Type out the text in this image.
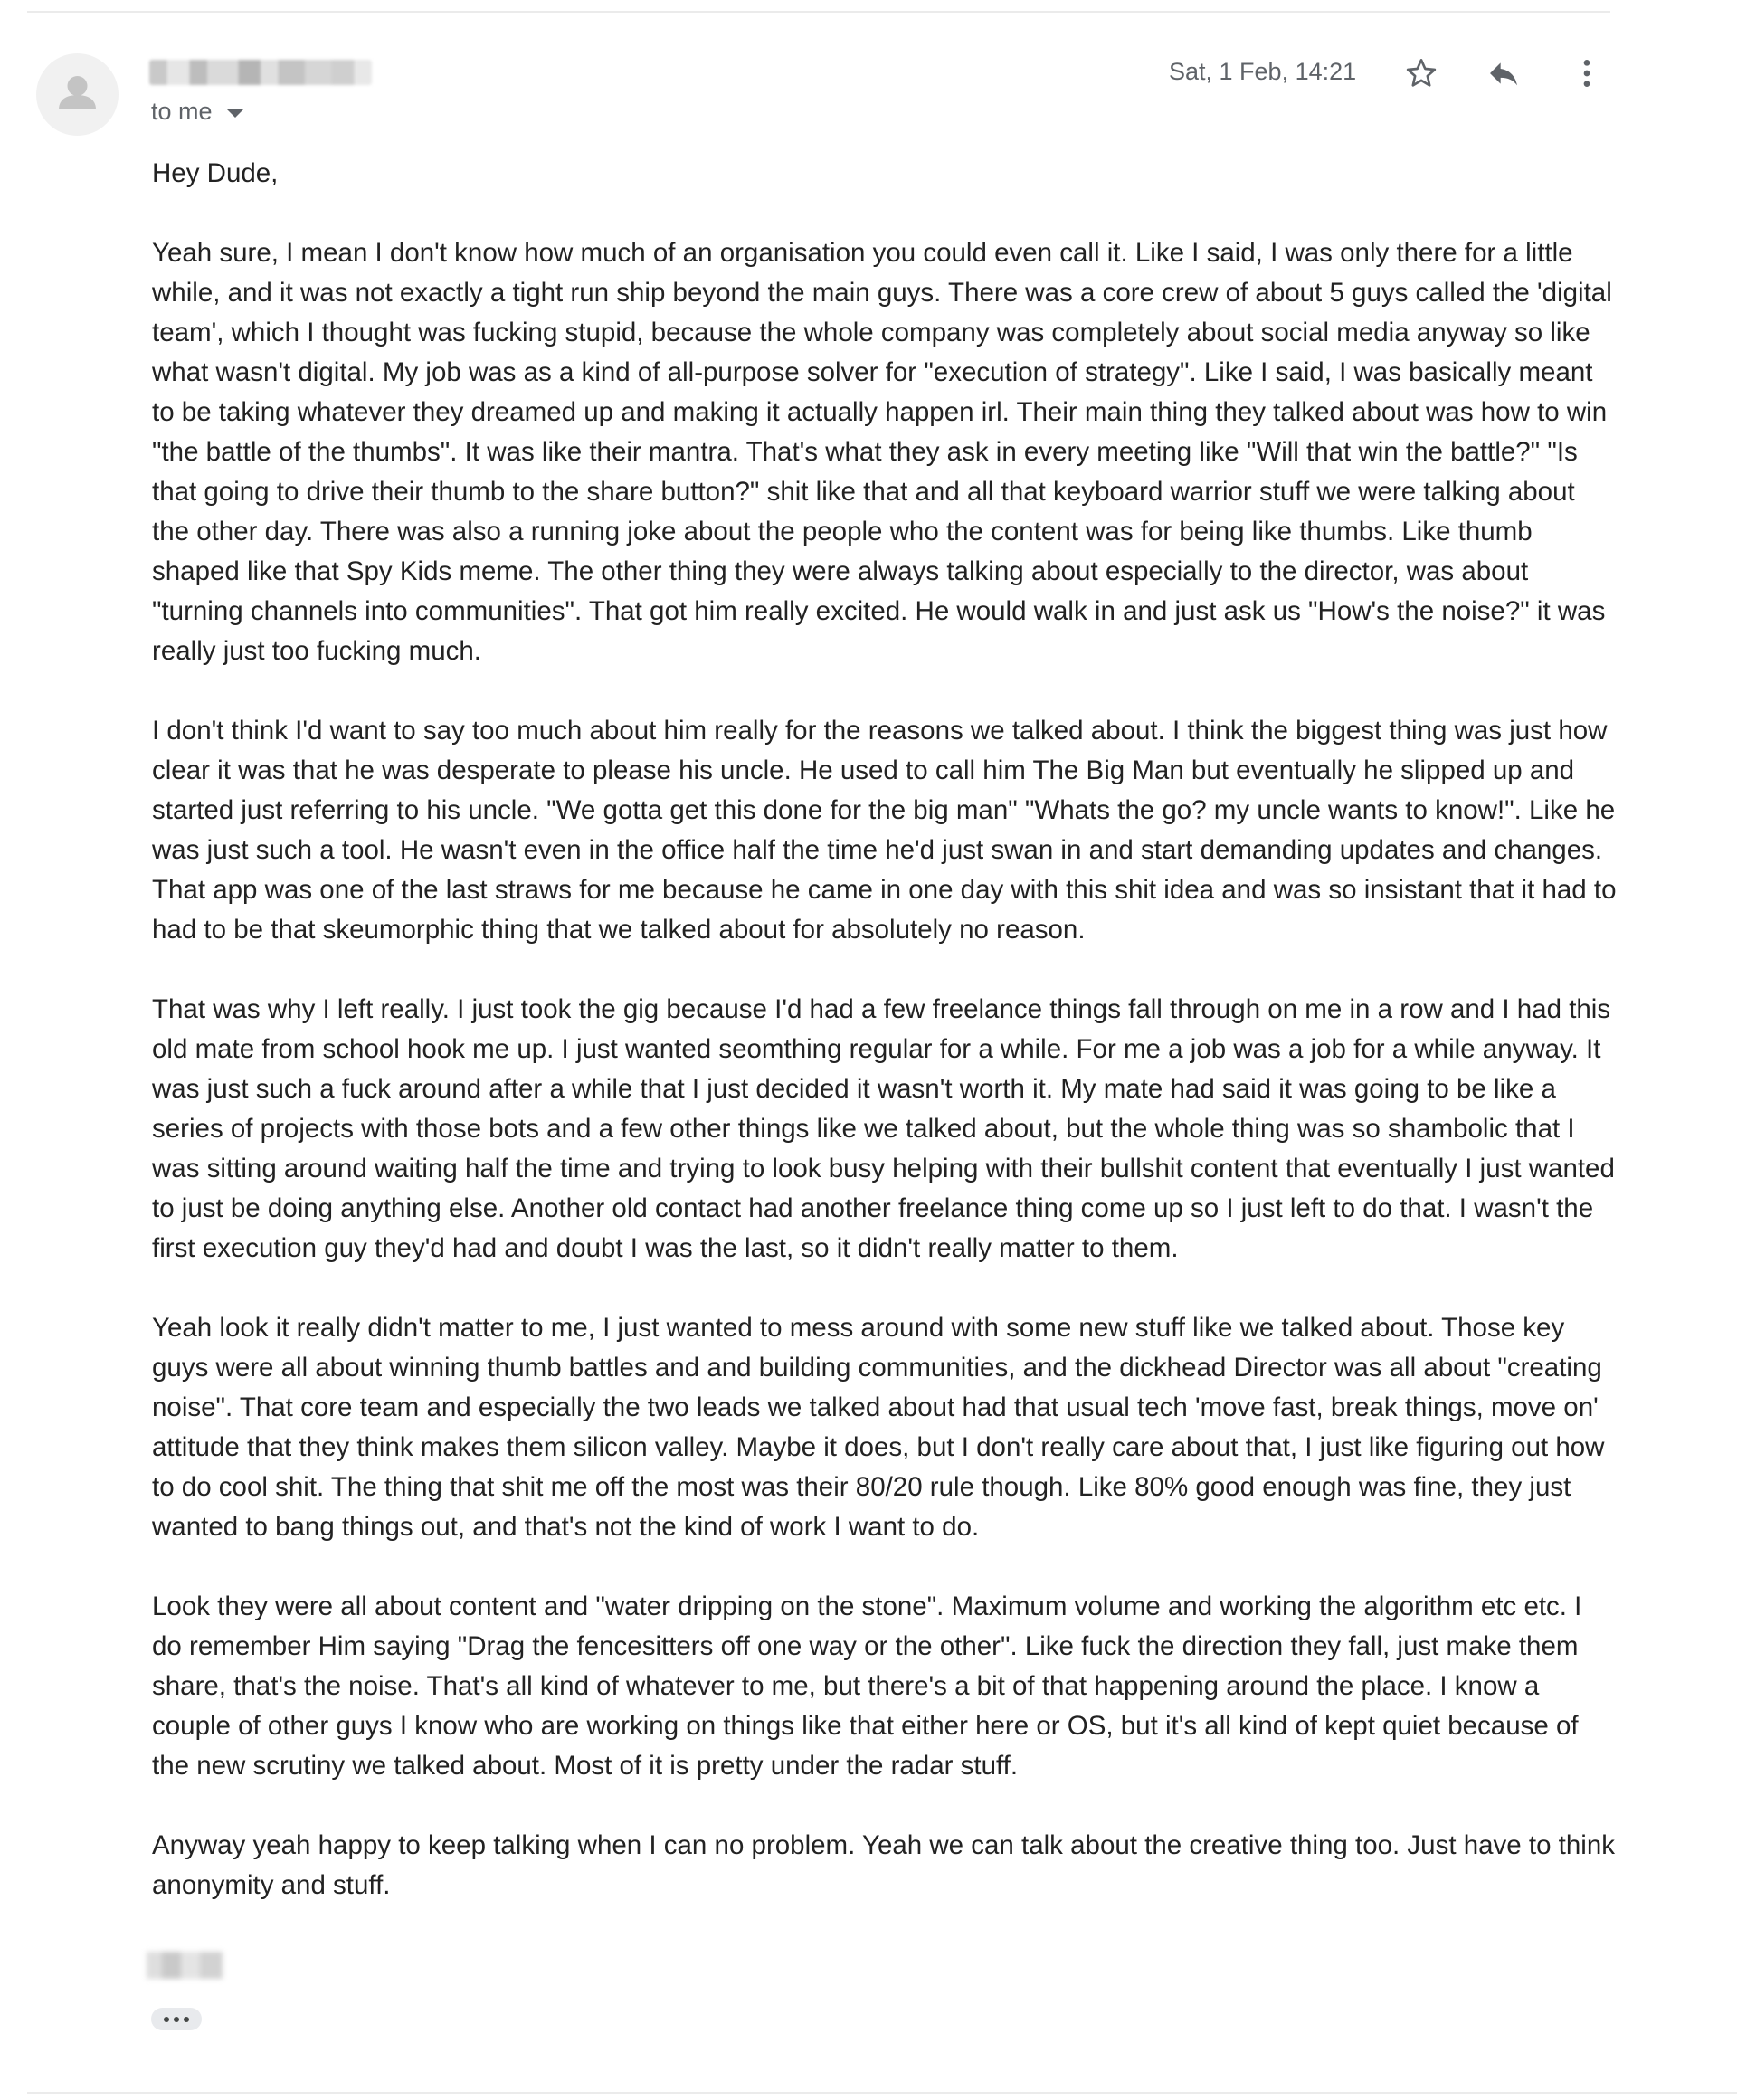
to me
Sat, 1 Feb, 14:21

Hey Dude,

Yeah sure, I mean I don't know how much of an organisation you could even call it. Like I said, I was only there for a little while, and it was not exactly a tight run ship beyond the main guys. There was a core crew of about 5 guys called the 'digital team', which I thought was fucking stupid, because the whole company was completely about social media anyway so like what wasn't digital. My job was as a kind of all-purpose solver for "execution of strategy". Like I said, I was basically meant to be taking whatever they dreamed up and making it actually happen irl. Their main thing they talked about was how to win "the battle of the thumbs". It was like their mantra. That's what they ask in every meeting like "Will that win the battle?" "Is that going to drive their thumb to the share button?" shit like that and all that keyboard warrior stuff we were talking about the other day. There was also a running joke about the people who the content was for being like thumbs. Like thumb shaped like that Spy Kids meme. The other thing they were always talking about especially to the director, was about "turning channels into communities". That got him really excited. He would walk in and just ask us "How's the noise?" it was really just too fucking much.

I don't think I'd want to say too much about him really for the reasons we talked about. I think the biggest thing was just how clear it was that he was desperate to please his uncle. He used to call him The Big Man but eventually he slipped up and started just referring to his uncle. "We gotta get this done for the big man" "Whats the go? my uncle wants to know!". Like he was just such a tool. He wasn't even in the office half the time he'd just swan in and start demanding updates and changes. That app was one of the last straws for me because he came in one day with this shit idea and was so insistant that it had to had to be that skeumorphic thing that we talked about for absolutely no reason.

That was why I left really. I just took the gig because I'd had a few freelance things fall through on me in a row and I had this old mate from school hook me up. I just wanted seomthing regular for a while. For me a job was a job for a while anyway. It was just such a fuck around after a while that I just decided it wasn't worth it. My mate had said it was going to be like a series of projects with those bots and a few other things like we talked about, but the whole thing was so shambolic that I was sitting around waiting half the time and trying to look busy helping with their bullshit content that eventually I just wanted to just be doing anything else. Another old contact had another freelance thing come up so I just left to do that. I wasn't the first execution guy they'd had and doubt I was the last, so it didn't really matter to them.

Yeah look it really didn't matter to me, I just wanted to mess around with some new stuff like we talked about. Those key guys were all about winning thumb battles and and building communities, and the dickhead Director was all about "creating noise". That core team and especially the two leads we talked about had that usual tech 'move fast, break things, move on' attitude that they think makes them silicon valley. Maybe it does, but I don't really care about that, I just like figuring out how to do cool shit. The thing that shit me off the most was their 80/20 rule though. Like 80% good enough was fine, they just wanted to bang things out, and that's not the kind of work I want to do.

Look they were all about content and "water dripping on the stone". Maximum volume and working the algorithm etc etc. I do remember Him saying "Drag the fencesitters off one way or the other". Like fuck the direction they fall, just make them share, that's the noise. That's all kind of whatever to me, but there's a bit of that happening around the place. I know a couple of other guys I know who are working on things like that either here or OS, but it's all kind of kept quiet because of the new scrutiny we talked about. Most of it is pretty under the radar stuff.

Anyway yeah happy to keep talking when I can no problem. Yeah we can talk about the creative thing too. Just have to think anonymity and stuff.
